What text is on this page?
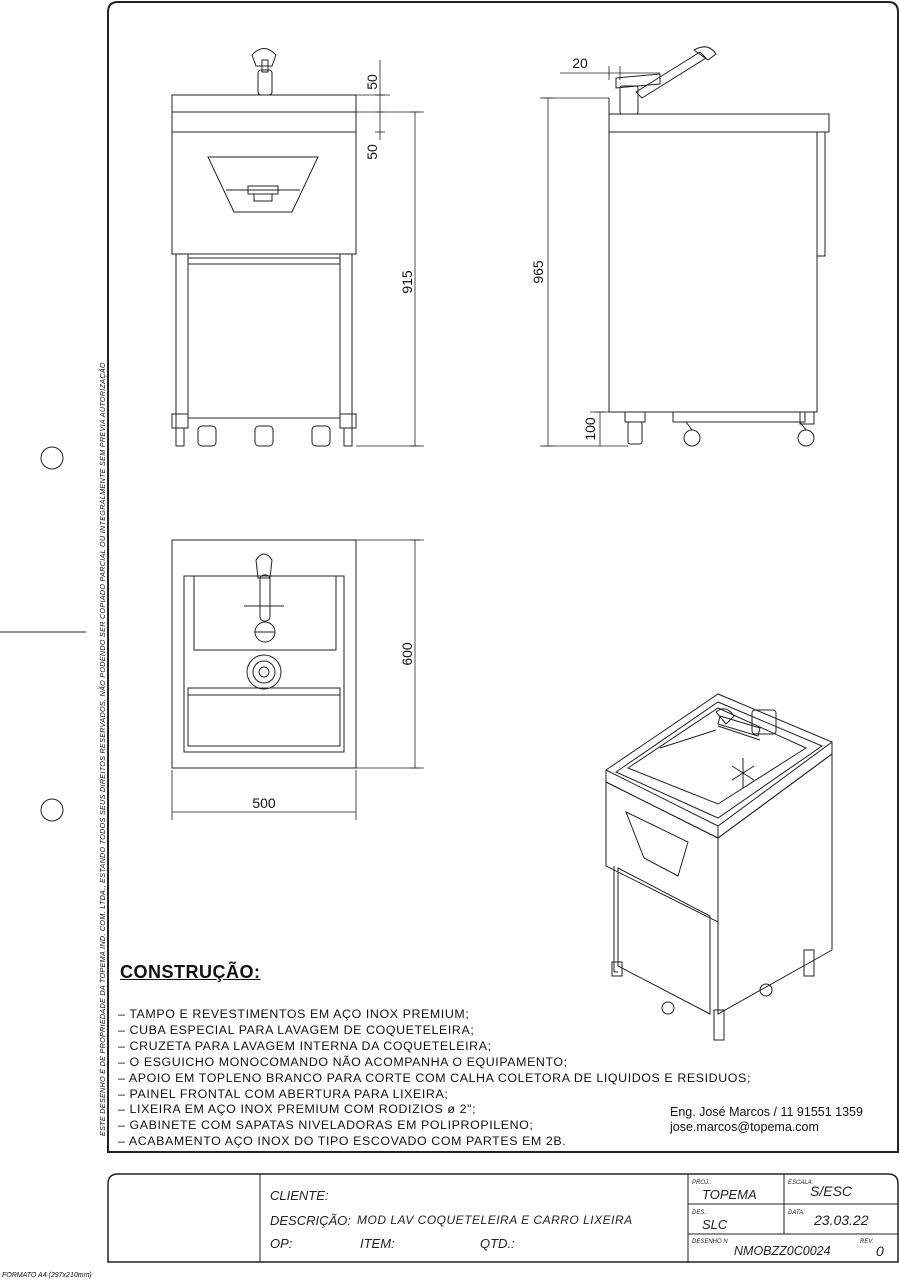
50
50
915
20
965
100
600
500
CLIENTE:
DESCRIÇÃO: MOD LAV COQUETELEIRA E CARRO LIXEIRA
OP:	ITEM:	QTD.:
PROJ.:
TOPEMA
ESCALA:
S/ESC
DES.:
SLC
DATA: 23.03.22
DESENHO N
NMOBZZ0C0024
REV.
0
CONSTRUÇÃO:
– TAMPO E REVESTIMENTOS EM AÇO INOX PREMIUM;
– CUBA ESPECIAL PARA LAVAGEM DE COQUETELEIRA;
– CRUZETA PARA LAVAGEM INTERNA DA COQUETELEIRA;
– O ESGUICHO MONOCOMANDO NÃO ACOMPANHA O EQUIPAMENTO;
– APOIO EM TOPLENO BRANCO PARA CORTE COM CALHA COLETORA DE LIQUIDOS E RESIDUOS;
– PAINEL FRONTAL COM ABERTURA PARA LIXEIRA;
– LIXEIRA EM AÇO INOX PREMIUM COM RODIZIOS ø 2";
– GABINETE COM SAPATAS NIVELADORAS EM POLIPROPILENO;
– ACABAMENTO AÇO INOX DO TIPO ESCOVADO COM PARTES EM 2B.
Eng. José Marcos / 11 91551 1359
jose.marcos@topema.com
ESTE DESENHO É DE PROPRIEDADE DA TOPEMA IND. COM. LTDA., ESTANDO TODOS SEUS DIREITOS RESERVADOS, NÃO PODENDO SER COPIADO PARCIAL OU INTEGRALMENTE SEM PREVIA AUTORIZAÇÃO
FORMATO A4 (297x210mm)
